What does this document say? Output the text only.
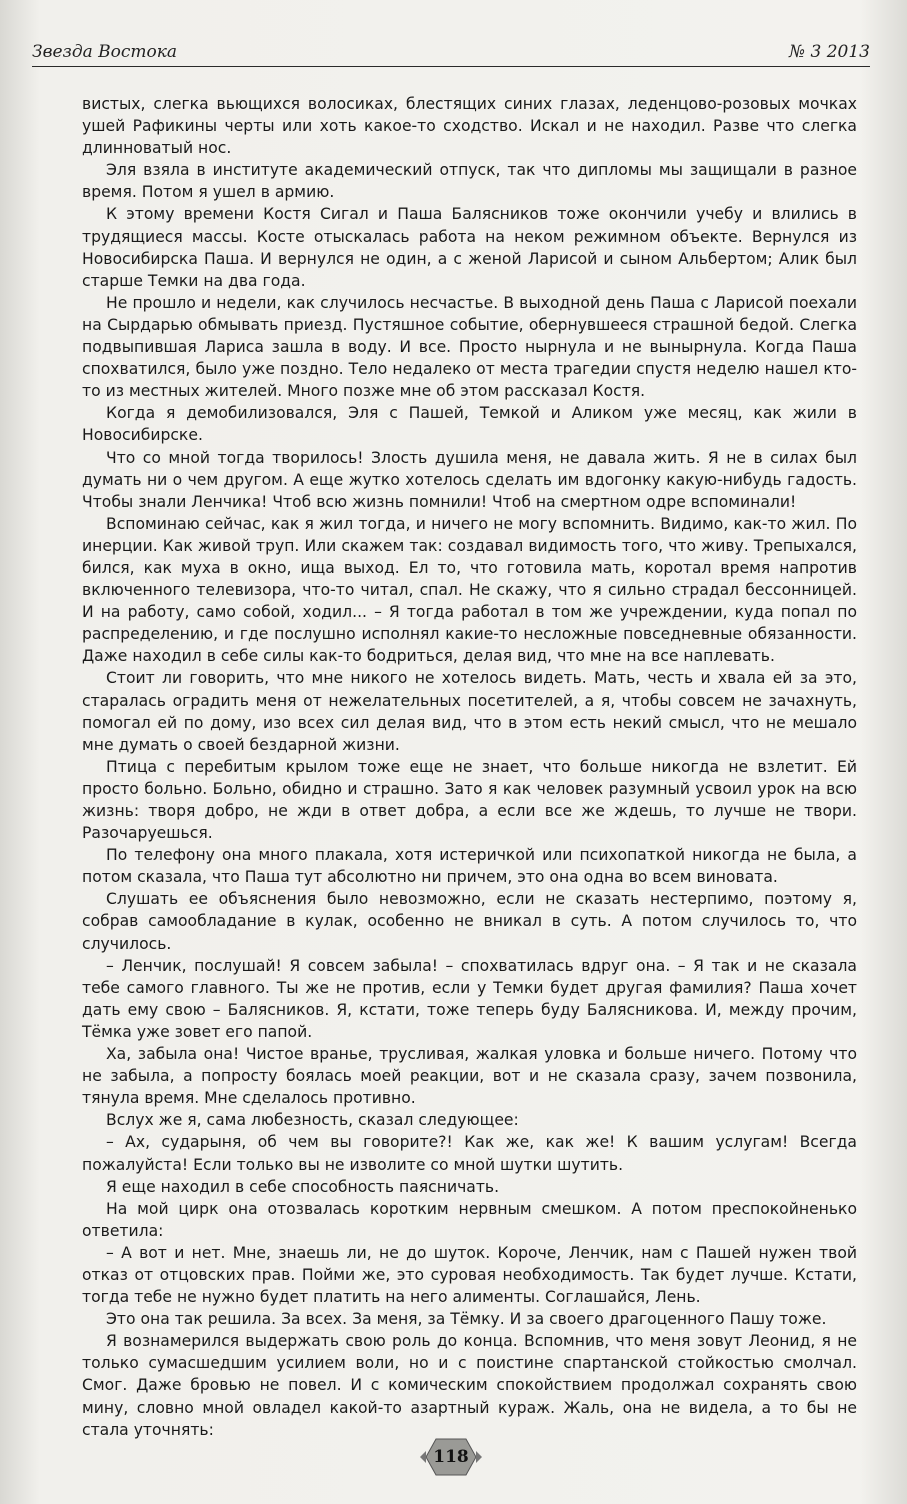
Звезда Востока	№ 3 2013

вистых, слегка вьющихся волосиках, блестящих синих глазах, леденцово-розовых мочках ушей Рафикины черты или хоть какое-то сходство. Искал и не находил. Разве что слегка длинноватый нос.

Эля взяла в институте академический отпуск, так что дипломы мы защищали в разное время. Потом я ушел в армию.

К этому времени Костя Сигал и Паша Балясников тоже окончили учебу и влились в трудящиеся массы. Косте отыскалась работа на неком режимном объекте. Вернулся из Новосибирска Паша. И вернулся не один, а с женой Ларисой и сыном Альбертом; Алик был старше Темки на два года.

Не прошло и недели, как случилось несчастье. В выходной день Паша с Ларисой поехали на Сырдарью обмывать приезд. Пустяшное событие, обернувшееся страшной бедой. Слегка подвыпившая Лариса зашла в воду. И все. Просто нырнула и не вынырнула. Когда Паша спохватился, было уже поздно. Тело недалеко от места трагедии спустя неделю нашел кто-то из местных жителей. Много позже мне об этом рассказал Костя.

Когда я демобилизовался, Эля с Пашей, Темкой и Аликом уже месяц, как жили в Новосибирске.

Что со мной тогда творилось! Злость душила меня, не давала жить. Я не в силах был думать ни о чем другом. А еще жутко хотелось сделать им вдогонку какую-нибудь гадость. Чтобы знали Ленчика! Чтоб всю жизнь помнили! Чтоб на смертном одре вспоминали!

Вспоминаю сейчас, как я жил тогда, и ничего не могу вспомнить. Видимо, как-то жил. По инерции. Как живой труп. Или скажем так: создавал видимость того, что живу. Трепыхался, бился, как муха в окно, ища выход. Ел то, что готовила мать, коротал время напротив включенного телевизора, что-то читал, спал. Не скажу, что я сильно страдал бессонницей. И на работу, само собой, ходил... – Я тогда работал в том же учреждении, куда попал по распределению, и где послушно исполнял какие-то несложные повседневные обязанности. Даже находил в себе силы как-то бодриться, делая вид, что мне на все наплевать.

Стоит ли говорить, что мне никого не хотелось видеть. Мать, честь и хвала ей за это, старалась оградить меня от нежелательных посетителей, а я, чтобы совсем не зачахнуть, помогал ей по дому, изо всех сил делая вид, что в этом есть некий смысл, что не мешало мне думать о своей бездарной жизни.

Птица с перебитым крылом тоже еще не знает, что больше никогда не взлетит. Ей просто больно. Больно, обидно и страшно. Зато я как человек разумный усвоил урок на всю жизнь: творя добро, не жди в ответ добра, а если все же ждешь, то лучше не твори. Разочаруешься.

По телефону она много плакала, хотя истеричкой или психопаткой никогда не была, а потом сказала, что Паша тут абсолютно ни причем, это она одна во всем виновата.

Слушать ее объяснения было невозможно, если не сказать нестерпимо, поэтому я, собрав самообладание в кулак, особенно не вникал в суть. А потом случилось то, что случилось.

– Ленчик, послушай! Я совсем забыла! – спохватилась вдруг она. – Я так и не сказала тебе самого главного. Ты же не против, если у Темки будет другая фамилия? Паша хочет дать ему свою – Балясников. Я, кстати, тоже теперь буду Балясникова. И, между прочим, Тёмка уже зовет его папой.

Ха, забыла она! Чистое вранье, трусливая, жалкая уловка и больше ничего. Потому что не забыла, а попросту боялась моей реакции, вот и не сказала сразу, зачем позвонила, тянула время. Мне сделалось противно.

Вслух же я, сама любезность, сказал следующее:

– Ах, сударыня, об чем вы говорите?! Как же, как же! К вашим услугам! Всегда пожалуйста! Если только вы не изволите со мной шутки шутить.

Я еще находил в себе способность паясничать.

На мой цирк она отозвалась коротким нервным смешком. А потом преспокойненько ответила:

– А вот и нет. Мне, знаешь ли, не до шуток. Короче, Ленчик, нам с Пашей нужен твой отказ от отцовских прав. Пойми же, это суровая необходимость. Так будет лучше. Кстати, тогда тебе не нужно будет платить на него алименты. Соглашайся, Лень.

Это она так решила. За всех. За меня, за Тёмку. И за своего драгоценного Пашу тоже.

Я вознамерился выдержать свою роль до конца. Вспомнив, что меня зовут Леонид, я не только сумасшедшим усилием воли, но и с поистине спартанской стойкостью смолчал. Смог. Даже бровью не повел. И с комическим спокойствием продолжал сохранять свою мину, словно мной овладел какой-то азартный кураж. Жаль, она не видела, а то бы не стала уточнять:

118
